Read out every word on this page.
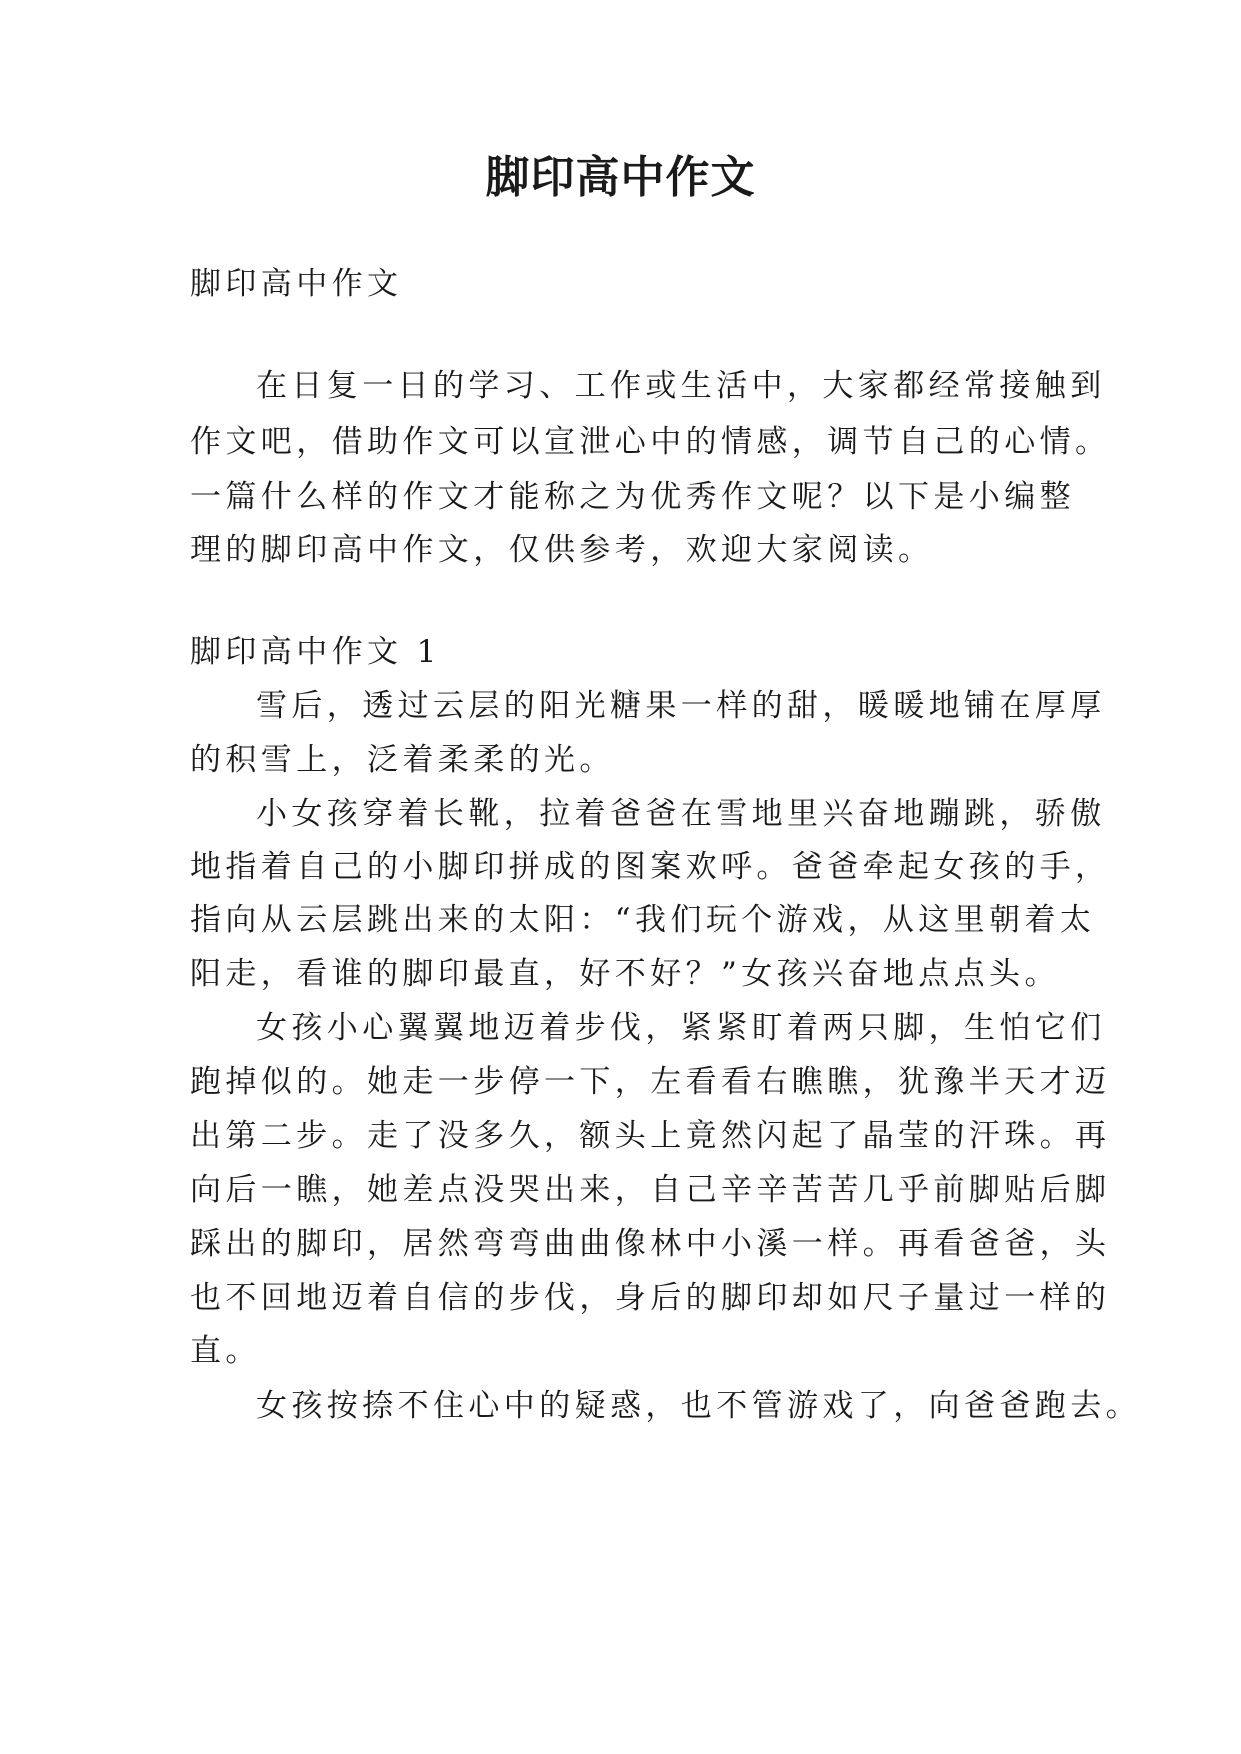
脚印高中作文

脚印高中作文

在日复一日的学习、工作或生活中，大家都经常接触到

作文吧，借助作文可以宣泄心中的情感，调节自己的心情。

一篇什么样的作文才能称之为优秀作文呢？以下是小编整

理的脚印高中作文，仅供参考，欢迎大家阅读。

脚印高中作文 1

雪后，透过云层的阳光糖果一样的甜，暖暖地铺在厚厚

的积雪上，泛着柔柔的光。

小女孩穿着长靴，拉着爸爸在雪地里兴奋地蹦跳，骄傲

地指着自己的小脚印拼成的图案欢呼。爸爸牵起女孩的手，

指向从云层跳出来的太阳：“我们玩个游戏，从这里朝着太

阳走，看谁的脚印最直，好不好？”女孩兴奋地点点头。

女孩小心翼翼地迈着步伐，紧紧盯着两只脚，生怕它们

跑掉似的。她走一步停一下，左看看右瞧瞧，犹豫半天才迈

出第二步。走了没多久，额头上竟然闪起了晶莹的汗珠。再

向后一瞧，她差点没哭出来，自己辛辛苦苦几乎前脚贴后脚

踩出的脚印，居然弯弯曲曲像林中小溪一样。再看爸爸，头

也不回地迈着自信的步伐，身后的脚印却如尺子量过一样的

直。

女孩按捺不住心中的疑惑，也不管游戏了，向爸爸跑去。
